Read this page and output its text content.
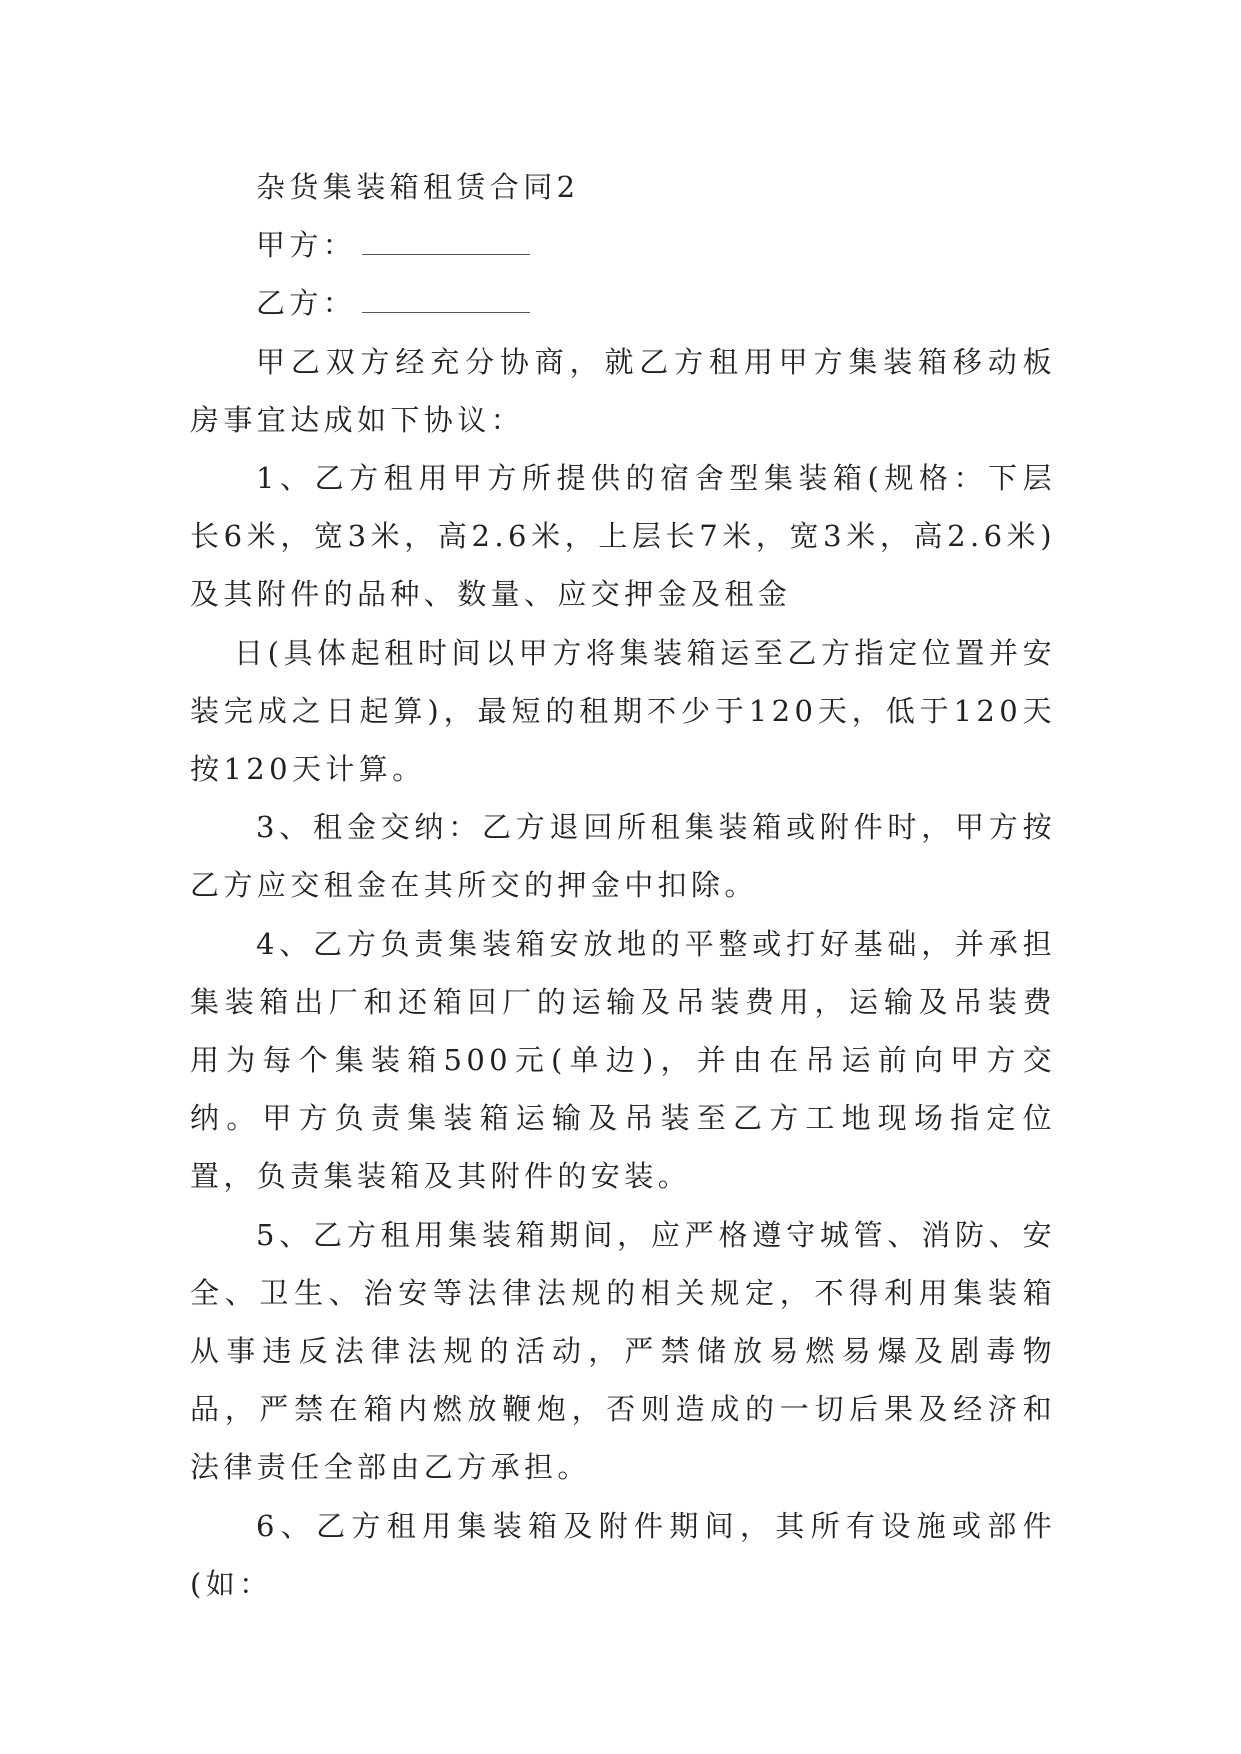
杂货集装箱租赁合同2

甲方：

乙方：

甲乙双方经充分协商，就乙方租用甲方集装箱移动板房事宜达成如下协议：

1、乙方租用甲方所提供的宿舍型集装箱(规格：下层长6米，宽3米，高2.6米，上层长7米，宽3米，高2.6米)及其附件的品种、数量、应交押金及租金

日(具体起租时间以甲方将集装箱运至乙方指定位置并安装完成之日起算)，最短的租期不少于120天，低于120天按120天计算。

3、租金交纳：乙方退回所租集装箱或附件时，甲方按乙方应交租金在其所交的押金中扣除。

4、乙方负责集装箱安放地的平整或打好基础，并承担集装箱出厂和还箱回厂的运输及吊装费用，运输及吊装费用为每个集装箱500元(单边)，并由在吊运前向甲方交纳。甲方负责集装箱运输及吊装至乙方工地现场指定位置，负责集装箱及其附件的安装。

5、乙方租用集装箱期间，应严格遵守城管、消防、安全、卫生、治安等法律法规的相关规定，不得利用集装箱从事违反法律法规的活动，严禁储放易燃易爆及剧毒物品，严禁在箱内燃放鞭炮，否则造成的一切后果及经济和法律责任全部由乙方承担。

6、乙方租用集装箱及附件期间，其所有设施或部件(如：
